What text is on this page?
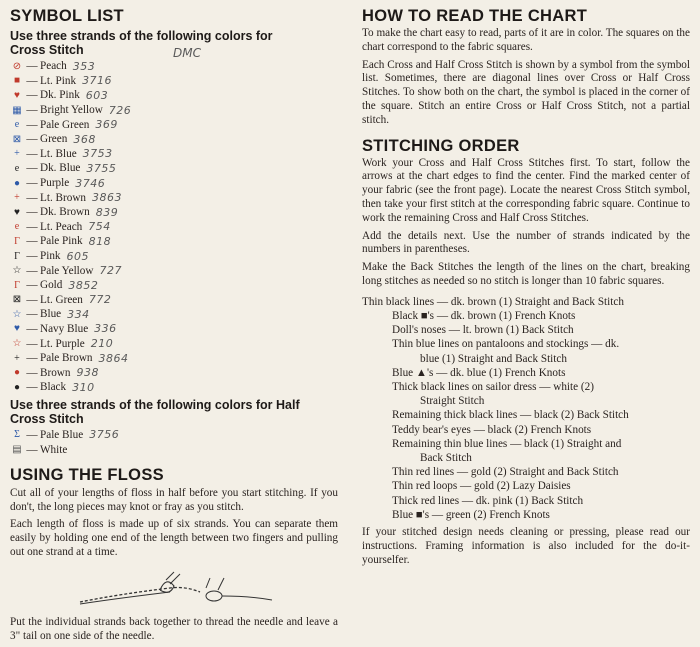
SYMBOL LIST
Use three strands of the following colors for Cross Stitch	DMC
⊘ — Peach 353
■ — Lt. Pink 3716
♥ — Dk. Pink 603
▦ — Bright Yellow 726
e — Pale Green 369
⊠ — Green 368
+ — Lt. Blue 3753
e — Dk. Blue 3755
● — Purple 3746
+ — Lt. Brown 3863
♥ — Dk. Brown 839
e — Lt. Peach 754
Γ — Pale Pink 818
Γ — Pink 605
☆ — Pale Yellow 727
Γ — Gold 3852
⊠ — Lt. Green 772
☆ — Blue 334
♥ — Navy Blue 336
☆ — Lt. Purple 210
+ — Pale Brown 3864
● — Brown 938
● — Black 310
Use three strands of the following colors for Half Cross Stitch
Σ — Pale Blue 3756
▤ — White
USING THE FLOSS

Cut all of your lengths of floss in half before you start stitching. If you don't, the long pieces may knot or fray as you stitch.

Each length of floss is made up of six strands. You can separate them easily by holding one end of the length between two fingers and pulling out one strand at a time.

Put the individual strands back together to thread the needle and leave a 3" tail on one side of the needle.

HOW TO READ THE CHART

To make the chart easy to read, parts of it are in color. The squares on the chart correspond to the fabric squares.

Each Cross and Half Cross Stitch is shown by a symbol from the symbol list. Sometimes, there are diagonal lines over Cross or Half Cross Stitches. To show both on the chart, the symbol is placed in the corner of the square. Stitch an entire Cross or Half Cross Stitch, not a partial stitch.

STITCHING ORDER

Work your Cross and Half Cross Stitches first. To start, follow the arrows at the chart edges to find the center. Find the marked center of your fabric (see the front page). Locate the nearest Cross Stitch symbol, then take your first stitch at the corresponding fabric square. Continue to work the remaining Cross and Half Cross Stitches.

Add the details next. Use the number of strands indicated by the numbers in parentheses.

Make the Back Stitches the length of the lines on the chart, breaking long stitches as needed so no stitch is longer than 10 fabric squares.

Thin black lines — dk. brown (1) Straight and Back Stitch
Black ■'s — dk. brown (1) French Knots
Doll's noses — lt. brown (1) Back Stitch
Thin blue lines on pantaloons and stockings — dk.
blue (1) Straight and Back Stitch
Blue ▲'s — dk. blue (1) French Knots
Thick black lines on sailor dress — white (2)
Straight Stitch
Remaining thick black lines — black (2) Back Stitch
Teddy bear's eyes — black (2) French Knots
Remaining thin blue lines — black (1) Straight and
Back Stitch
Thin red lines — gold (2) Straight and Back Stitch
Thin red loops — gold (2) Lazy Daisies
Thick red lines — dk. pink (1) Back Stitch
Blue ■'s — green (2) French Knots

If your stitched design needs cleaning or pressing, please read our instructions. Framing information is also included for the do-it-yourselfer.
